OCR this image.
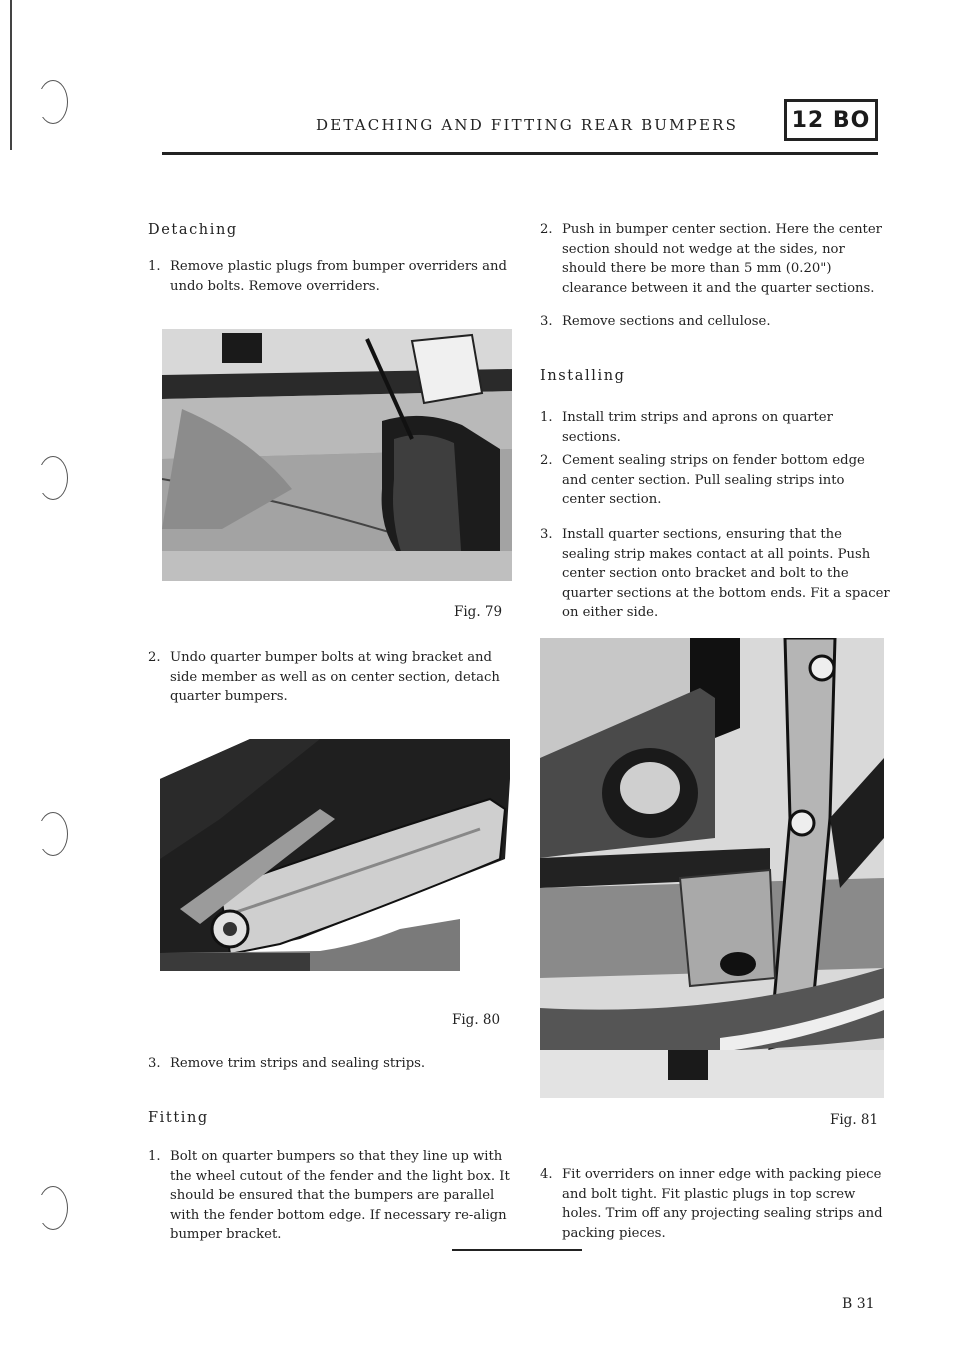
DETACHING AND FITTING REAR BUMPERS 12 BO
Detaching
1. Remove plastic plugs from bumper overriders and undo bolts. Remove overriders.
Fig. 79
2. Undo quarter bumper bolts at wing bracket and side member as well as on center section, detach quarter bumpers.
Fig. 80
3. Remove trim strips and sealing strips.
Fitting
1. Bolt on quarter bumpers so that they line up with the wheel cutout of the fender and the light box. It should be ensured that the bumpers are parallel with the fender bottom edge. If necessary re-align bumper bracket.
2. Push in bumper center section. Here the center section should not wedge at the sides, nor should there be more than 5 mm (0.20") clearance between it and the quarter sections.
3. Remove sections and cellulose.
Installing
1. Install trim strips and aprons on quarter sections.
2. Cement sealing strips on fender bottom edge and center section. Pull sealing strips into center section.
3. Install quarter sections, ensuring that the sealing strip makes contact at all points. Push center section onto bracket and bolt to the quarter sections at the bottom ends. Fit a spacer on either side.
Fig. 81
4. Fit overriders on inner edge with packing piece and bolt tight. Fit plastic plugs in top screw holes. Trim off any projecting sealing strips and packing pieces.
B 31
